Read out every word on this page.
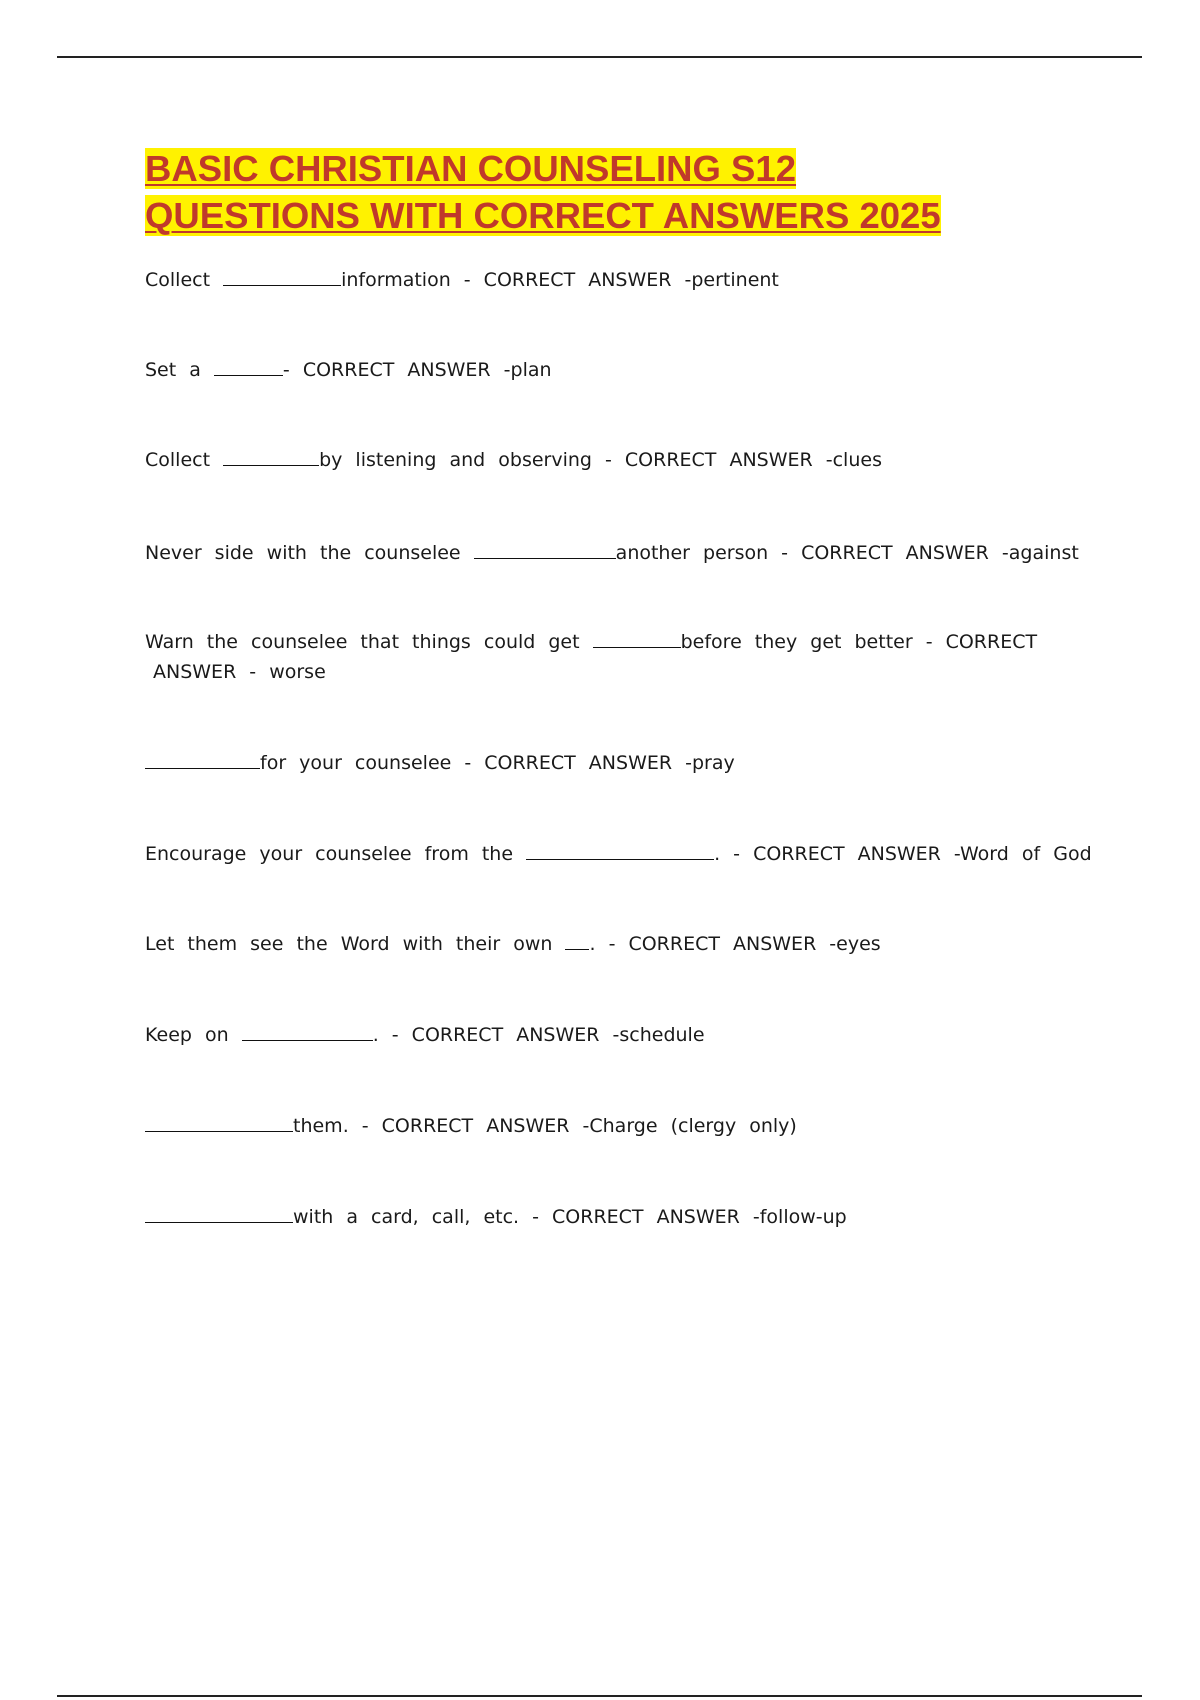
BASIC CHRISTIAN COUNSELING S12
QUESTIONS WITH CORRECT ANSWERS 2025

Collect	information - CORRECT ANSWER -pertinent

Set a	- CORRECT ANSWER -plan

Collect	by listening and observing - CORRECT ANSWER -clues

Never side with the counselee	another person - CORRECT ANSWER -against

Warn the counselee that things could get	before they get better - CORRECT
ANSWER - worse

for your counselee - CORRECT ANSWER -pray

Encourage your counselee from the	. - CORRECT ANSWER -Word of God

Let them see the Word with their own . - CORRECT ANSWER -eyes

Keep on	. - CORRECT ANSWER -schedule

them. - CORRECT ANSWER -Charge (clergy only)

with a card, call, etc. - CORRECT ANSWER -follow-up
